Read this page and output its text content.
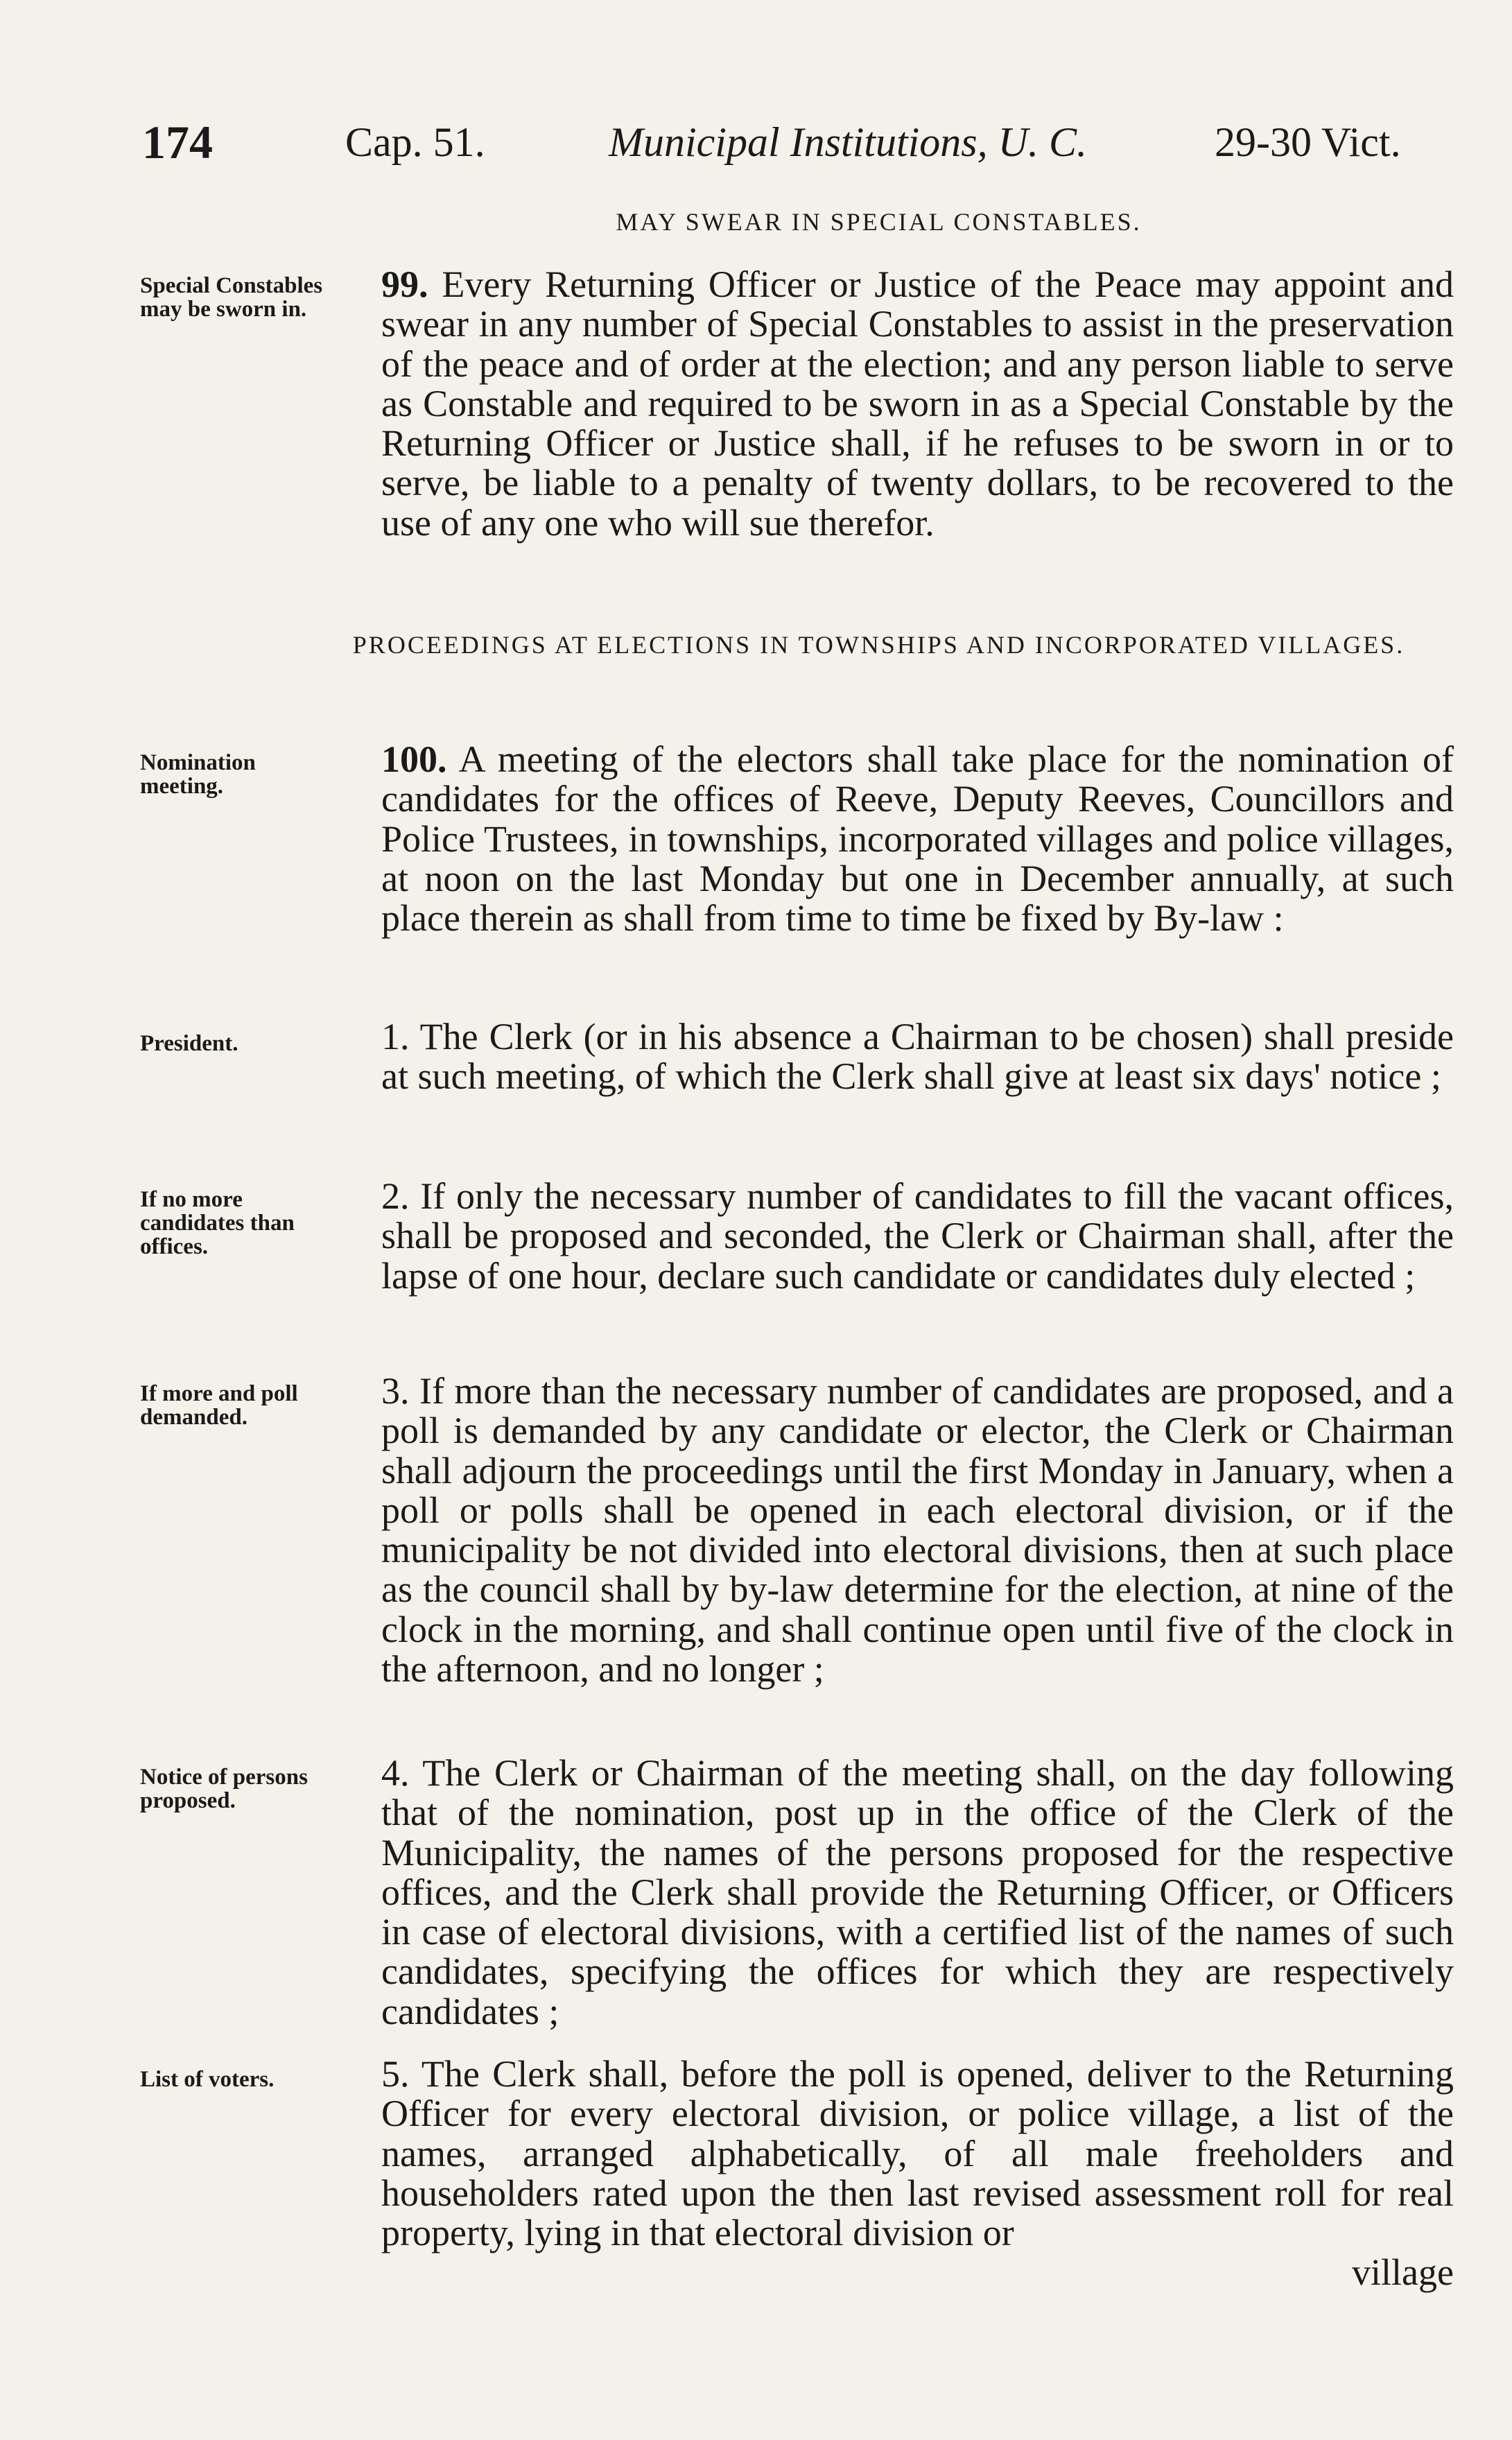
174	Cap. 51.	Municipal Institutions, U. C.	29-30 Vict.
MAY SWEAR IN SPECIAL CONSTABLES.
Special Constables may be sworn in.
99. Every Returning Officer or Justice of the Peace may appoint and swear in any number of Special Constables to assist in the preservation of the peace and of order at the election; and any person liable to serve as Constable and required to be sworn in as a Special Constable by the Returning Officer or Justice shall, if he refuses to be sworn in or to serve, be liable to a penalty of twenty dollars, to be recovered to the use of any one who will sue therefor.
PROCEEDINGS AT ELECTIONS IN TOWNSHIPS AND INCORPORATED VILLAGES.
Nomination meeting.
100. A meeting of the electors shall take place for the nomination of candidates for the offices of Reeve, Deputy Reeves, Councillors and Police Trustees, in townships, incorporated villages and police villages, at noon on the last Monday but one in December annually, at such place therein as shall from time to time be fixed by By-law :
President.	1. The Clerk (or in his absence a Chairman to be chosen) shall preside at such meeting, of which the Clerk shall give at least six days' notice ;
If no more candidates than offices.
2. If only the necessary number of candidates to fill the vacant offices, shall be proposed and seconded, the Clerk or Chairman shall, after the lapse of one hour, declare such candidate or candidates duly elected ;
If more and poll demanded.
3. If more than the necessary number of candidates are proposed, and a poll is demanded by any candidate or elector, the Clerk or Chairman shall adjourn the proceedings until the first Monday in January, when a poll or polls shall be opened in each electoral division, or if the municipality be not divided into electoral divisions, then at such place as the council shall by by-law determine for the election, at nine of the clock in the morning, and shall continue open until five of the clock in the afternoon, and no longer ;
Notice of persons proposed.
4. The Clerk or Chairman of the meeting shall, on the day following that of the nomination, post up in the office of the Clerk of the Municipality, the names of the persons proposed for the respective offices, and the Clerk shall provide the Returning Officer, or Officers in case of electoral divisions, with a certified list of the names of such candidates, specifying the offices for which they are respectively candidates ;
List of voters.	5. The Clerk shall, before the poll is opened, deliver to the Returning Officer for every electoral division, or police village, a list of the names, arranged alphabetically, of all male freeholders and householders rated upon the then last revised assessment roll for real property, lying in that electoral division or
village
